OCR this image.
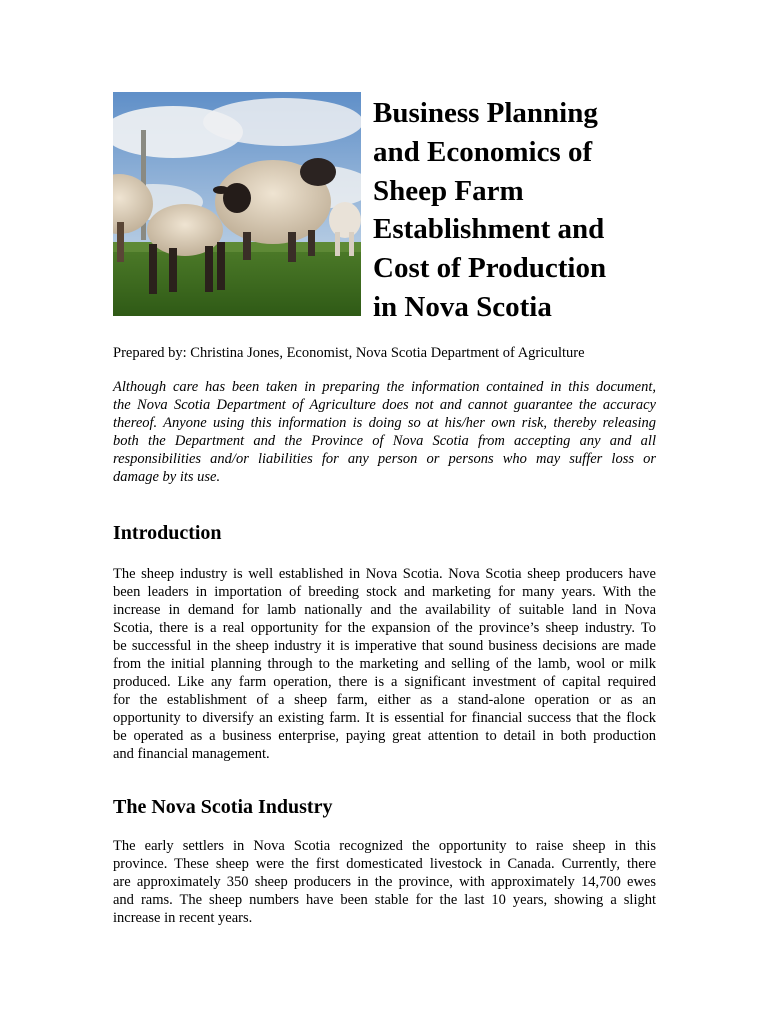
Business Planning
and Economics of
Sheep Farm
Establishment and
Cost of Production
in Nova Scotia

Prepared by: Christina Jones, Economist, Nova Scotia Department of Agriculture

Although care has been taken in preparing the information contained in this document,
the Nova Scotia Department of Agriculture does not and cannot guarantee the accuracy
thereof. Anyone using this information is doing so at his/her own risk, thereby releasing
both the Department and the Province of Nova Scotia from accepting any and all
responsibilities and/or liabilities for any person or persons who may suffer loss or
damage by its use.

Introduction

The sheep industry is well established in Nova Scotia. Nova Scotia sheep producers have
been leaders in importation of breeding stock and marketing for many years. With the
increase in demand for lamb nationally and the availability of suitable land in Nova
Scotia, there is a real opportunity for the expansion of the province’s sheep industry. To
be successful in the sheep industry it is imperative that sound business decisions are made
from the initial planning through to the marketing and selling of the lamb, wool or milk
produced. Like any farm operation, there is a significant investment of capital required
for the establishment of a sheep farm, either as a stand-alone operation or as an
opportunity to diversify an existing farm. It is essential for financial success that the flock
be operated as a business enterprise, paying great attention to detail in both production
and financial management.

The Nova Scotia Industry

The early settlers in Nova Scotia recognized the opportunity to raise sheep in this
province. These sheep were the first domesticated livestock in Canada. Currently, there
are approximately 350 sheep producers in the province, with approximately 14,700 ewes
and rams. The sheep numbers have been stable for the last 10 years, showing a slight
increase in recent years.
